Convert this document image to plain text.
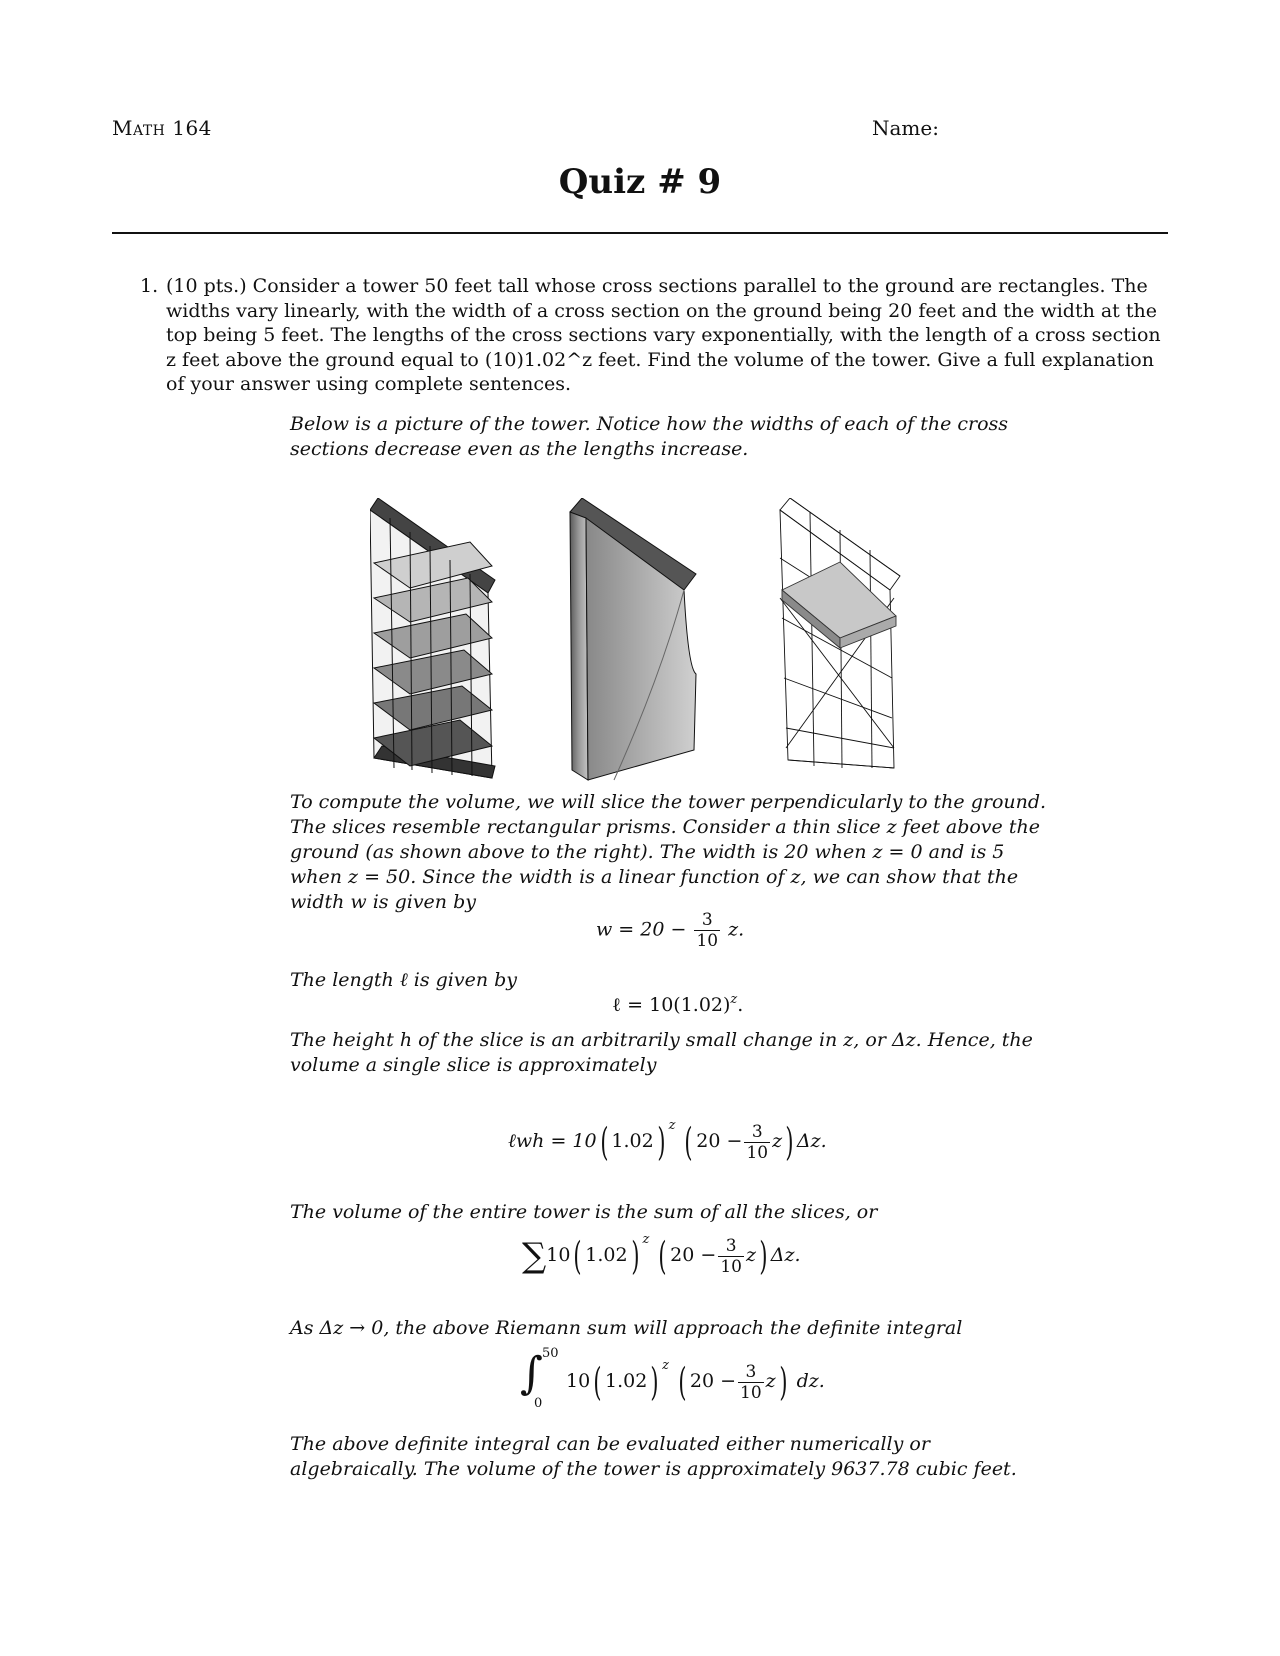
Math 164	Name:
Quiz # 9
1. (10 pts.) Consider a tower 50 feet tall whose cross sections parallel to the ground are rectangles. The widths vary linearly, with the width of a cross section on the ground being 20 feet and the width at the top being 5 feet. The lengths of the cross sections vary exponentially, with the length of a cross section z feet above the ground equal to (10)1.02^z feet. Find the volume of the tower. Give a full explanation of your answer using complete sentences.
Below is a picture of the tower. Notice how the widths of each of the cross sections decrease even as the lengths increase.
To compute the volume, we will slice the tower perpendicularly to the ground. The slices resemble rectangular prisms. Consider a thin slice z feet above the ground (as shown above to the right). The width is 20 when z = 0 and is 5 when z = 50. Since the width is a linear function of z, we can show that the width w is given by
$w = 20 - \frac{3}{10} z$.
The length ℓ is given by
ℓ = $10(1.02)^z$.
The height h of the slice is an arbitrarily small change in z, or Δz. Hence, the volume a single slice is approximately
ℓwh = 10( 1.02) $^z$ ( $20 - \frac{3}{10} z$) Δz.
The volume of the entire tower is the sum of all the slices, or
∑10( 1.02) $^z$ ( $20 - \frac{3}{10} z$) Δz.
As Δz → 0, the above Riemann sum will approach the definite integral
∫ 50
0
10( 1.02) $^z$ ( $20 - \frac{3}{10} z$) dz.
The above definite integral can be evaluated either numerically or algebraically. The volume of the tower is approximately 9637.78 cubic feet.
